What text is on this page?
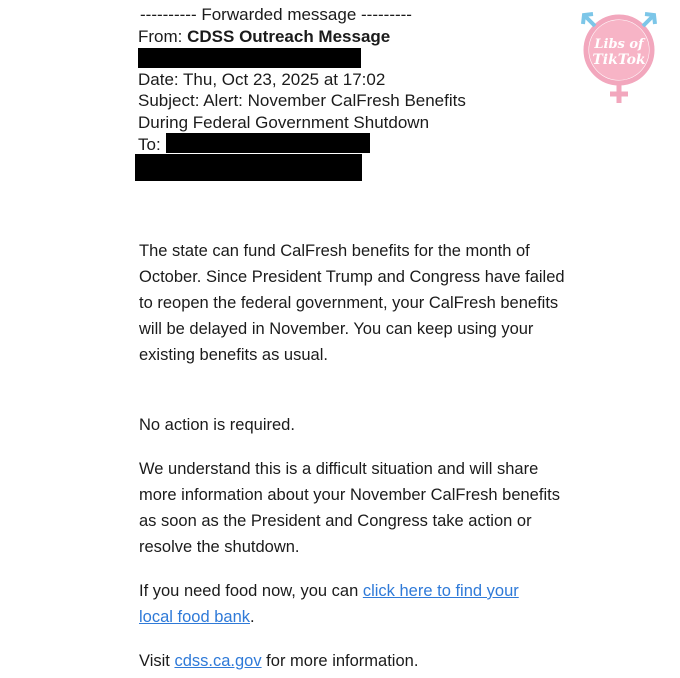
---------- Forwarded message ---------
From: CDSS Outreach Message
Date: Thu, Oct 23, 2025 at 17:02
Subject: Alert: November CalFresh Benefits
During Federal Government Shutdown
To:

The state can fund CalFresh benefits for the month of October. Since President Trump and Congress have failed to reopen the federal government, your CalFresh benefits will be delayed in November. You can keep using your existing benefits as usual.

No action is required.

We understand this is a difficult situation and will share more information about your November CalFresh benefits as soon as the President and Congress take action or resolve the shutdown.

If you need food now, you can click here to find your local food bank.

Visit cdss.ca.gov for more information.

Libs of
TikTok
